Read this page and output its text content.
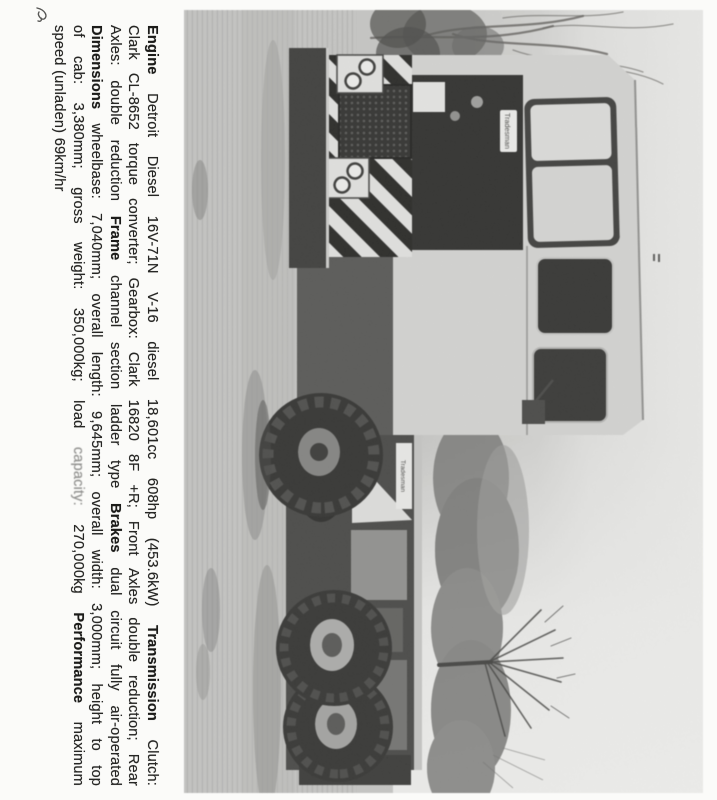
Tradesman
Tradesman
Engine Detroit Diesel 16V-71N V-16 diesel 18,601cc 608hp (453.6kW) Transmission Clutch:
Clark CL-8652 torque converter; Gearbox: Clark 16820 8F +R; Front Axles double reduction; Rear
Axles: double reduction Frame channel section ladder type Brakes dual circuit fully air-operated
Dimensions wheelbase: 7,040mm; overall length: 9,645mm; overall width: 3,000mm; height to top
of cab: 3,380mm; gross weight: 350,000kg; load capacity: 270,000kg Performance maximum
speed (unladen) 69km/hr
